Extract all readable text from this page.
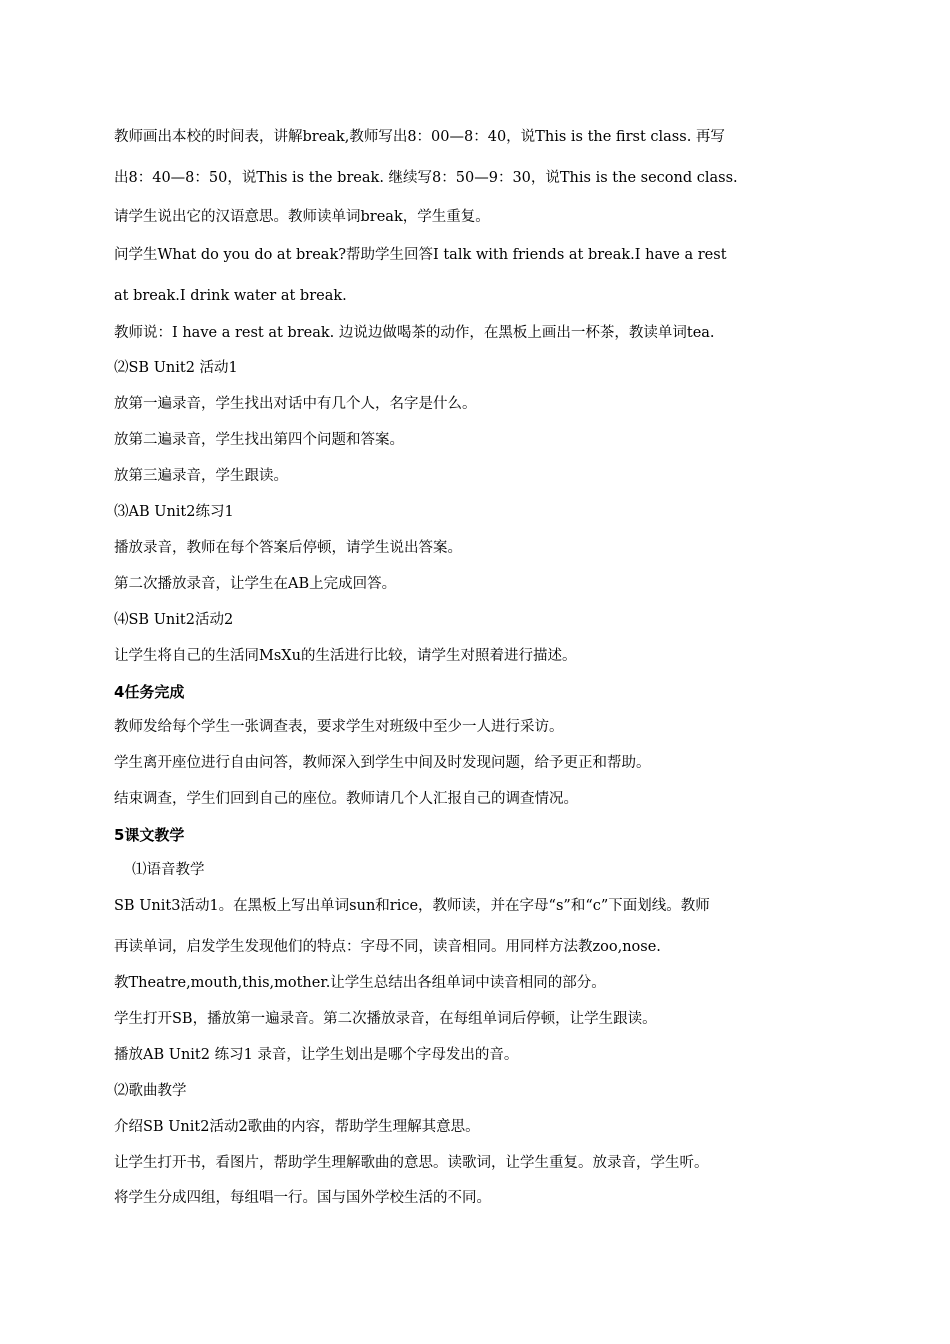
教师画出本校的时间表，讲解break,教师写出8：00—8：40，说This is the first class. 再写
出8：40—8：50，说This is the break. 继续写8：50—9：30，说This is the second class.
请学生说出它的汉语意思。教师读单词break，学生重复。
问学生What do you do at break?帮助学生回答I talk with friends at break.I have a rest
at break.I drink water at break.
教师说：I have a rest at break. 边说边做喝茶的动作，在黑板上画出一杯茶，教读单词tea.
⑵SB Unit2 活动1
放第一遍录音，学生找出对话中有几个人，名字是什么。
放第二遍录音，学生找出第四个问题和答案。
放第三遍录音，学生跟读。
⑶AB Unit2练习1
播放录音，教师在每个答案后停顿，请学生说出答案。
第二次播放录音，让学生在AB上完成回答。
⑷SB Unit2活动2
让学生将自己的生活同MsXu的生活进行比较，请学生对照着进行描述。
4任务完成
教师发给每个学生一张调查表，要求学生对班级中至少一人进行采访。
学生离开座位进行自由问答，教师深入到学生中间及时发现问题，给予更正和帮助。
结束调查，学生们回到自己的座位。教师请几个人汇报自己的调查情况。
5课文教学
⑴语音教学
SB Unit3活动1。在黑板上写出单词sun和rice，教师读，并在字母“s”和“c”下面划线。教师
再读单词，启发学生发现他们的特点：字母不同，读音相同。用同样方法教zoo,nose.
教Theatre,mouth,this,mother.让学生总结出各组单词中读音相同的部分。
学生打开SB，播放第一遍录音。第二次播放录音，在每组单词后停顿，让学生跟读。
播放AB Unit2 练习1 录音，让学生划出是哪个字母发出的音。
⑵歌曲教学
介绍SB Unit2活动2歌曲的内容，帮助学生理解其意思。
让学生打开书，看图片，帮助学生理解歌曲的意思。读歌词，让学生重复。放录音，学生听。
将学生分成四组，每组唱一行。国与国外学校生活的不同。
